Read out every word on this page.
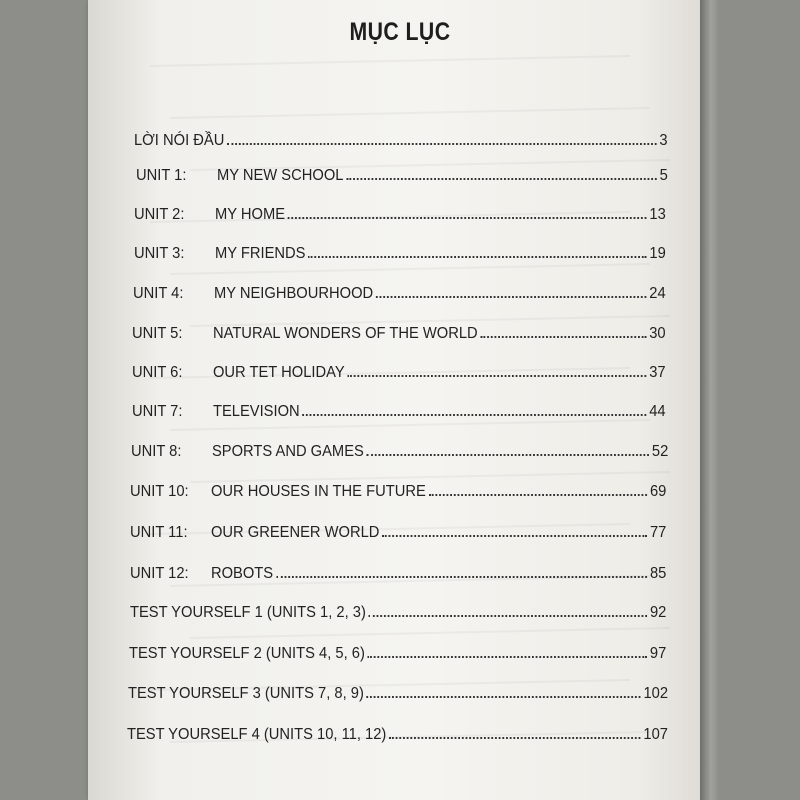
MỤC LỤC
LỜI NÓI ĐẦU	3
UNIT 1:	MY NEW SCHOOL	5
UNIT 2:	MY HOME	13
UNIT 3:	MY FRIENDS	19
UNIT 4:	MY NEIGHBOURHOOD	24
UNIT 5:	NATURAL WONDERS OF THE WORLD	30
UNIT 6:	OUR TET HOLIDAY	37
UNIT 7:	TELEVISION	44
UNIT 8:	SPORTS AND GAMES	52
UNIT 10:	OUR HOUSES IN THE FUTURE	69
UNIT 11:	OUR GREENER WORLD	77
UNIT 12:	ROBOTS	85
TEST YOURSELF 1 (UNITS 1, 2, 3)	92
TEST YOURSELF 2 (UNITS 4, 5, 6)	97
TEST YOURSELF 3 (UNITS 7, 8, 9)	102
TEST YOURSELF 4 (UNITS 10, 11, 12)	107
